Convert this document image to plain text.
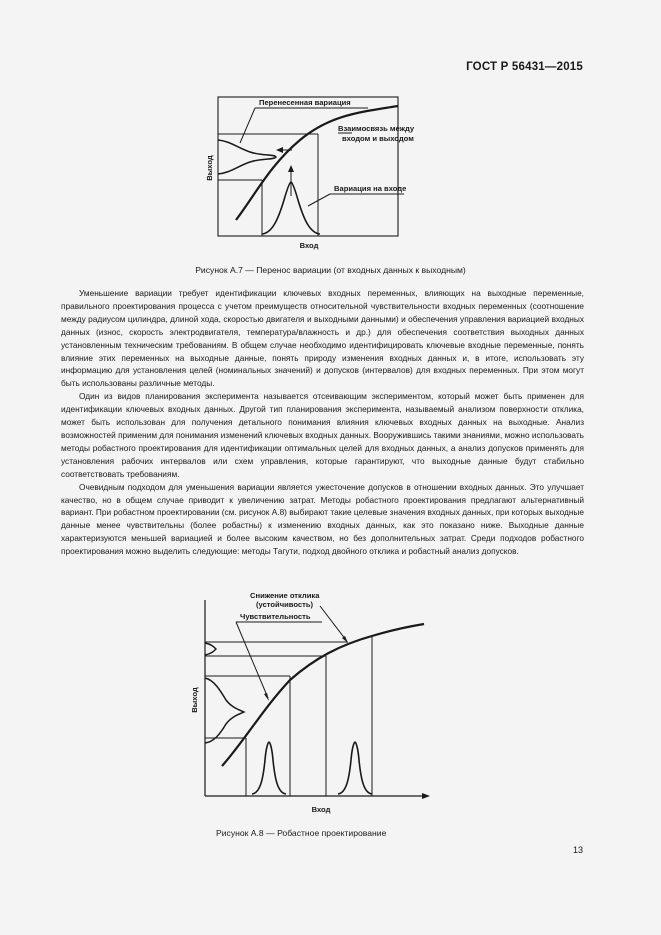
ГОСТ Р 56431—2015
Перенесенная вариация
Взаимосвязь между
входом и выходом
Вариация на входе
Вход
Выход
Рисунок А.7 — Перенос вариации (от входных данных к выходным)

Уменьшение вариации требует идентификации ключевых входных переменных, влияющих на выходные переменные, правильного проектирования процесса с учетом преимуществ относительной чувствительности входных переменных (соотношение между радиусом цилиндра, длиной хода, скоростью двигателя и выходными данными) и обеспечения управления вариацией входных данных (износ, скорость электродвигателя, температура/влажность и др.) для обеспечения соответствия выходных данных установленным техническим требованиям. В общем случае необходимо идентифицировать ключевые входные переменные, понять влияние этих переменных на выходные данные, понять природу изменения входных данных и, в итоге, использовать эту информацию для установления целей (номинальных значений) и допусков (интервалов) для входных переменных. При этом могут быть использованы различные методы.

Один из видов планирования эксперимента называется отсеивающим экспериментом, который может быть применен для идентификации ключевых входных данных. Другой тип планирования эксперимента, называемый анализом поверхности отклика, может быть использован для получения детального понимания влияния ключевых входных данных на выходные. Анализ возможностей применим для понимания изменений ключевых входных данных. Вооружившись такими знаниями, можно использовать методы робастного проектирования для идентификации оптимальных целей для входных данных, а анализ допусков применять для установления рабочих интервалов или схем управления, которые гарантируют, что выходные данные будут стабильно соответствовать требованиям.

Очевидным подходом для уменьшения вариации является ужесточение допусков в отношении входных данных. Это улучшает качество, но в общем случае приводит к увеличению затрат. Методы робастного проектирования предлагают альтернативный вариант. При робастном проектировании (см. рисунок А.8) выбирают такие целевые значения входных данных, при которых выходные данные менее чувствительны (более робастны) к изменению входных данных, как это показано ниже. Выходные данные характеризуются меньшей вариацией и более высоким качеством, но без дополнительных затрат. Среди подходов робастного проектирования можно выделить следующие: методы Тагути, подход двойного отклика и робастный анализ допусков.

Снижение отклика
(устойчивость)
Чувствительность
Вход
Выход
Рисунок А.8 — Робастное проектирование
13
